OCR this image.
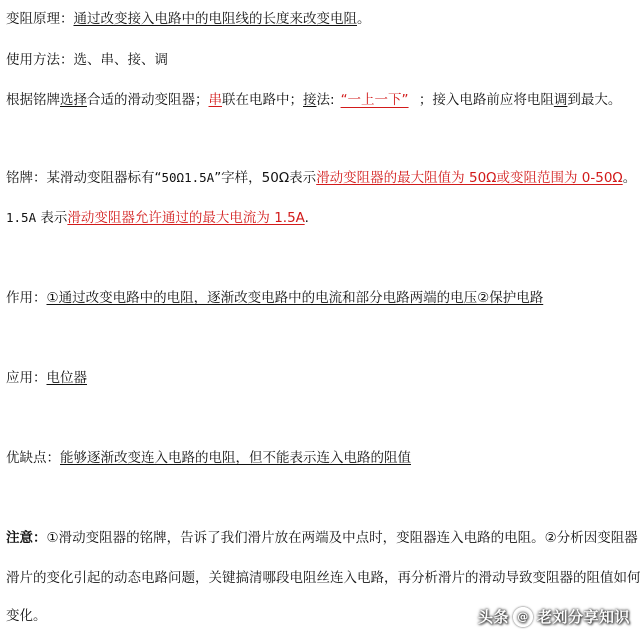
变阻原理：通过改变接入电路中的电阻线的长度来改变电阻。
使用方法：选、串、接、调
根据铭牌选择合适的滑动变阻器；串联在电路中；接法: “一上一下” ；接入电路前应将电阻调到最大。
铭牌：某滑动变阻器标有“50Ω1.5A”字样，50Ω表示滑动变阻器的最大阻值为 50Ω或变阻范围为 0-50Ω。
1.5A 表示滑动变阻器允许通过的最大电流为 1.5A.
作用：①通过改变电路中的电阻，逐渐改变电路中的电流和部分电路两端的电压②保护电路
应用：电位器
优缺点：能够逐渐改变连入电路的电阻，但不能表示连入电路的阻值
注意：①滑动变阻器的铭牌，告诉了我们滑片放在两端及中点时，变阻器连入电路的电阻。②分析因变阻器
滑片的变化引起的动态电路问题，关键搞清哪段电阻丝连入电路，再分析滑片的滑动导致变阻器的阻值如何
变化。	头条 @ 老刘分享知识
